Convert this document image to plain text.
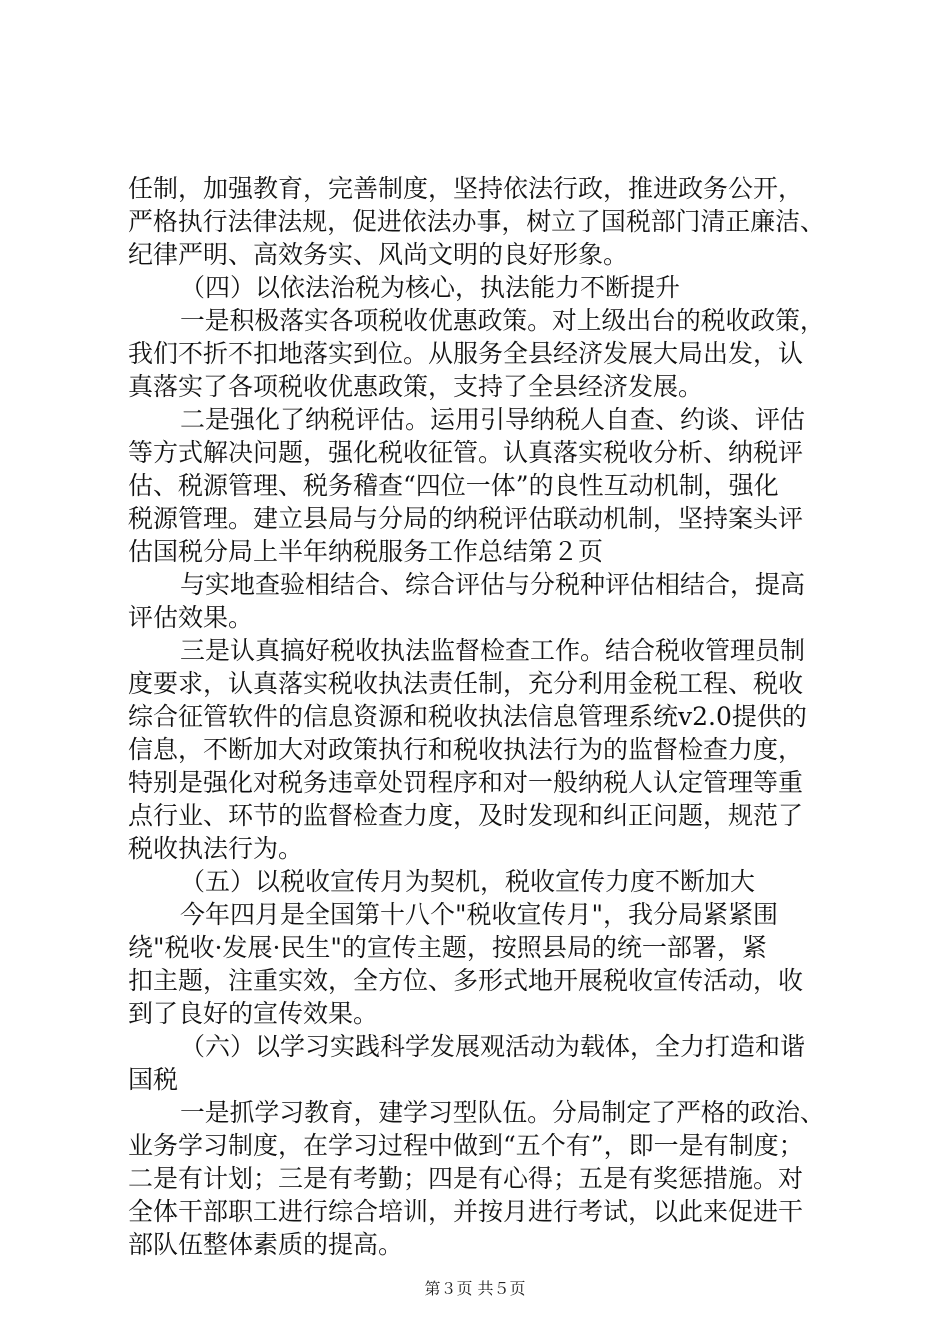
任制，加强教育，完善制度，坚持依法行政，推进政务公开，
严格执行法律法规，促进依法办事，树立了国税部门清正廉洁、
纪律严明、高效务实、风尚文明的良好形象。
（四）以依法治税为核心，执法能力不断提升
一是积极落实各项税收优惠政策。对上级出台的税收政策，
我们不折不扣地落实到位。从服务全县经济发展大局出发，认
真落实了各项税收优惠政策，支持了全县经济发展。
二是强化了纳税评估。运用引导纳税人自查、约谈、评估
等方式解决问题，强化税收征管。认真落实税收分析、纳税评
估、税源管理、税务稽查“四位一体”的良性互动机制，强化
税源管理。建立县局与分局的纳税评估联动机制，坚持案头评
估国税分局上半年纳税服务工作总结第２页
与实地查验相结合、综合评估与分税种评估相结合，提高
评估效果。
三是认真搞好税收执法监督检查工作。结合税收管理员制
度要求，认真落实税收执法责任制，充分利用金税工程、税收
综合征管软件的信息资源和税收执法信息管理系统v2.0提供的
信息，不断加大对政策执行和税收执法行为的监督检查力度，
特别是强化对税务违章处罚程序和对一般纳税人认定管理等重
点行业、环节的监督检查力度，及时发现和纠正问题，规范了
税收执法行为。
（五）以税收宣传月为契机，税收宣传力度不断加大
今年四月是全国第十八个"税收宣传月"，我分局紧紧围
绕"税收·发展·民生"的宣传主题，按照县局的统一部署，紧
扣主题，注重实效，全方位、多形式地开展税收宣传活动，收
到了良好的宣传效果。
（六）以学习实践科学发展观活动为载体，全力打造和谐
国税
一是抓学习教育，建学习型队伍。分局制定了严格的政治、
业务学习制度，在学习过程中做到“五个有”，即一是有制度；
二是有计划；三是有考勤；四是有心得；五是有奖惩措施。对
全体干部职工进行综合培训，并按月进行考试，以此来促进干
部队伍整体素质的提高。
第３页 共５页
